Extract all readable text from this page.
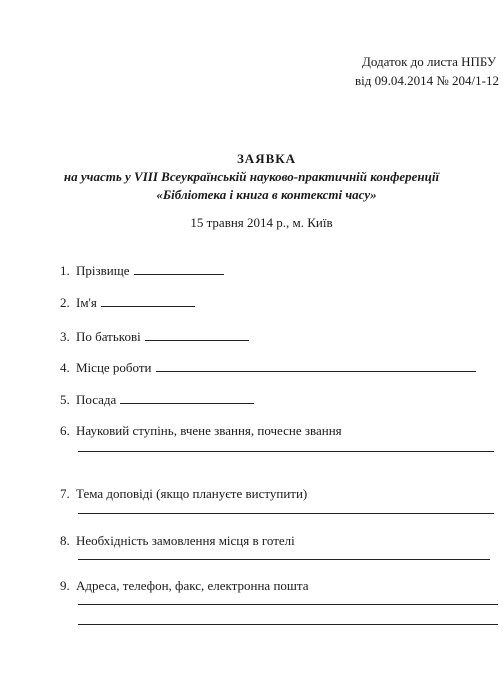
Додаток до листа НПБУ
від 09.04.2014 № 204/1-12
ЗАЯВКА
на участь у VIII Всеукраїнській науково-практичній конференції
«Бібліотека і книга в контексті часу»
15 травня 2014 р., м. Київ
1. Прізвище
2. Ім'я
3. По батькові
4. Місце роботи
5. Посада
6. Науковий ступінь, вчене звання, почесне звання
7. Тема доповіді (якщо плануєте виступити)
8. Необхідність замовлення місця в готелі
9. Адреса, телефон, факс, електронна пошта
